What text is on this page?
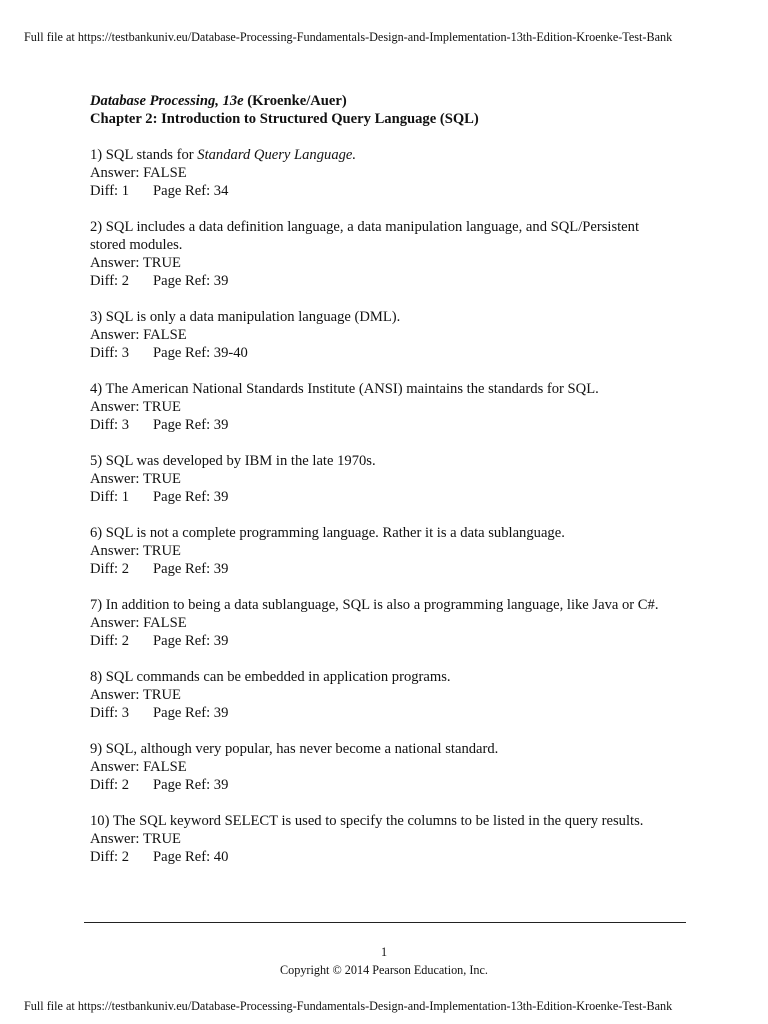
Full file at https://testbankuniv.eu/Database-Processing-Fundamentals-Design-and-Implementation-13th-Edition-Kroenke-Test-Bank
Database Processing, 13e (Kroenke/Auer)
Chapter 2: Introduction to Structured Query Language (SQL)
1) SQL stands for Standard Query Language.
Answer: FALSE
Diff: 1 Page Ref: 34
2) SQL includes a data definition language, a data manipulation language, and SQL/Persistent
stored modules.
Answer: TRUE
Diff: 2 Page Ref: 39
3) SQL is only a data manipulation language (DML).
Answer: FALSE
Diff: 3 Page Ref: 39-40
4) The American National Standards Institute (ANSI) maintains the standards for SQL.
Answer: TRUE
Diff: 3 Page Ref: 39
5) SQL was developed by IBM in the late 1970s.
Answer: TRUE
Diff: 1 Page Ref: 39
6) SQL is not a complete programming language. Rather it is a data sublanguage.
Answer: TRUE
Diff: 2 Page Ref: 39
7) In addition to being a data sublanguage, SQL is also a programming language, like Java or C#.
Answer: FALSE
Diff: 2 Page Ref: 39
8) SQL commands can be embedded in application programs.
Answer: TRUE
Diff: 3 Page Ref: 39
9) SQL, although very popular, has never become a national standard.
Answer: FALSE
Diff: 2 Page Ref: 39
10) The SQL keyword SELECT is used to specify the columns to be listed in the query results.
Answer: TRUE
Diff: 2 Page Ref: 40
1
Copyright © 2014 Pearson Education, Inc.
Full file at https://testbankuniv.eu/Database-Processing-Fundamentals-Design-and-Implementation-13th-Edition-Kroenke-Test-Bank
